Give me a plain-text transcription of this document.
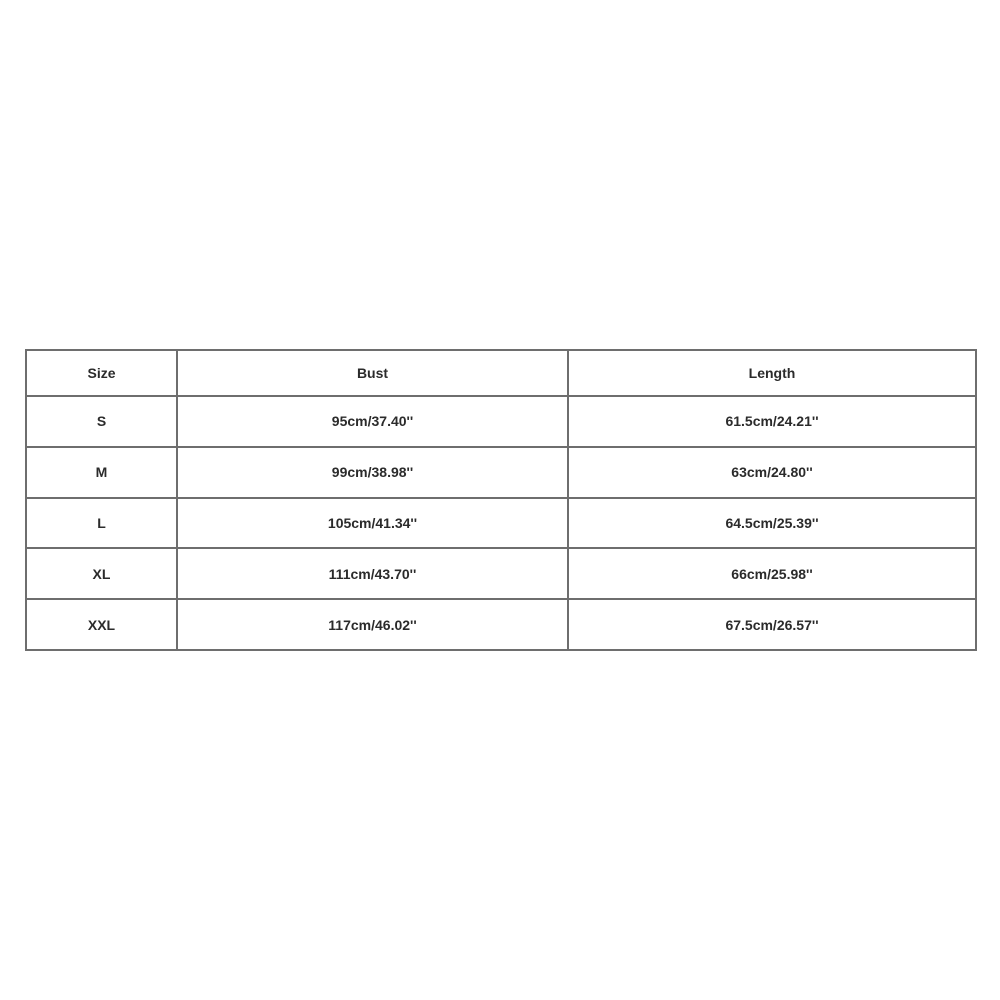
Size	Bust	Length
S	95cm/37.40''	61.5cm/24.21''
M	99cm/38.98''	63cm/24.80''
L	105cm/41.34''	64.5cm/25.39''
XL	111cm/43.70''	66cm/25.98''
XXL	117cm/46.02''	67.5cm/26.57''
